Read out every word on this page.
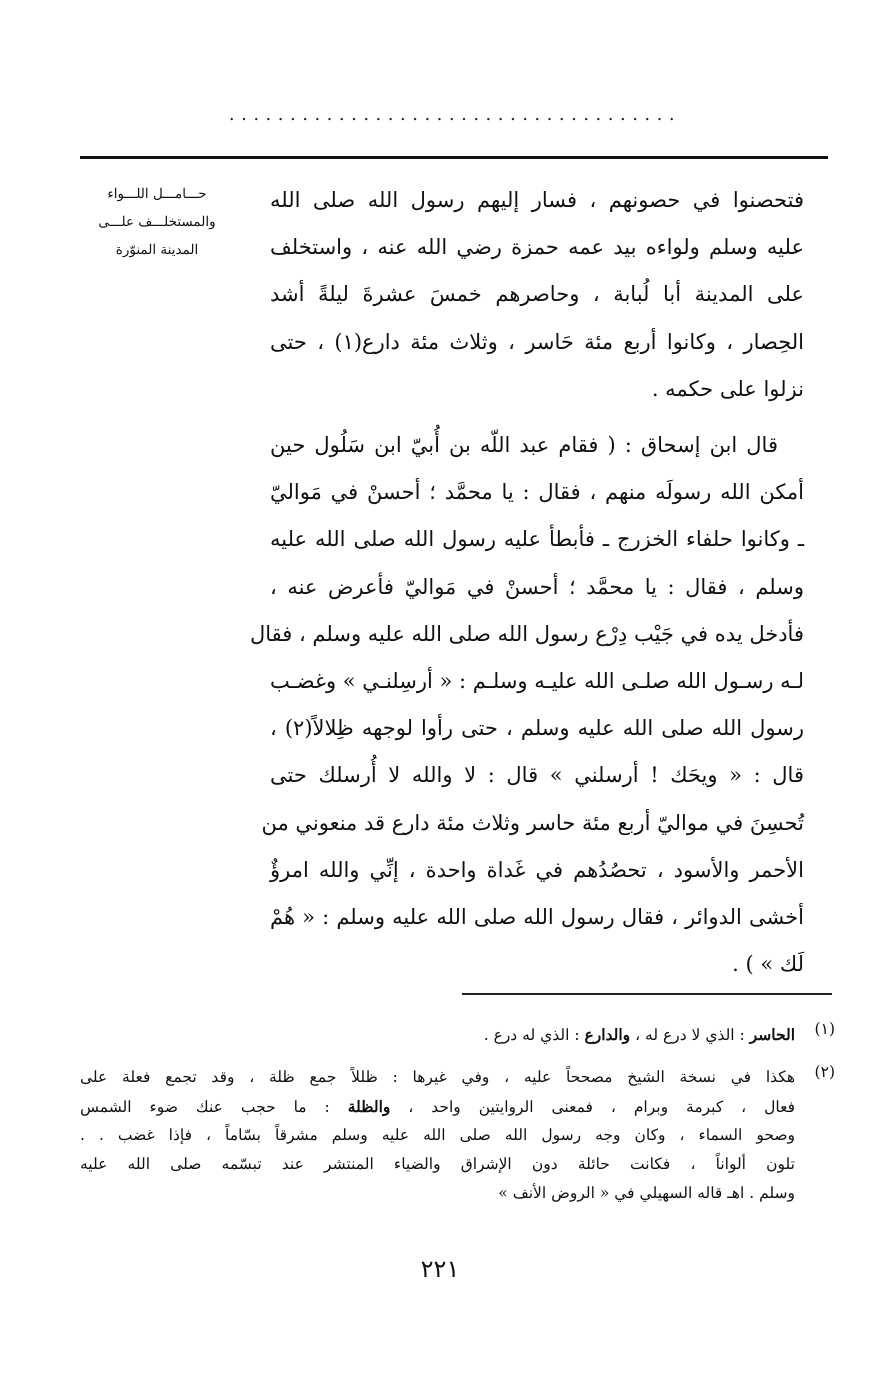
.....................................
حـــامـــل اللـــواء
والمستخلـــف علـــى
المدينة المنوّرة
فتحصنوا في حصونهم ، فسار إليهم رسول الله صلى الله
عليه وسلم ولواءه بيد عمه حمزة رضي الله عنه ، واستخلف
على المدينة أبا لُبابة ، وحاصرهم خمسَ عشرةَ ليلةً أشد
الحِصار ، وكانوا أربع مئة حَاسر ، وثلاث مئة دارع(١) ، حتى
نزلوا على حكمه .
قال ابن إسحاق : ( فقام عبد اللّه بن أُبيّ ابن سَلُول حين
أمكن الله رسولَه منهم ، فقال : يا محمَّد ؛ أحسنْ في مَواليّ
ـ وكانوا حلفاء الخزرج ـ فأبطأ عليه رسول الله صلى الله عليه
وسلم ، فقال : يا محمَّد ؛ أحسنْ في مَواليّ فأعرض عنه ،
فأدخل يده في جَيْب دِرْع رسول الله صلى الله عليه وسلم ، فقال
لـه رسـول الله صلـى الله عليـه وسلـم : « أرسِلنـي » وغضـب
رسول الله صلى الله عليه وسلم ، حتى رأوا لوجهه ظِلالاً(٢) ،
قال : « ويحَك ! أرسلني » قال : لا والله لا أُرسلك حتى
تُحسِنَ في مواليّ أربع مئة حاسر وثلاث مئة دارع قد منعوني من
الأحمر والأسود ، تحصُدُهم في غَداة واحدة ، إنِّي والله امرؤٌ
أخشى الدوائر ، فقال رسول الله صلى الله عليه وسلم : « هُمْ
لَك » ) .
(١)
الحاسر : الذي لا درع له ، والدارع : الذي له درع .
(٢)
هكذا في نسخة الشيخ مصححاً عليه ، وفي غيرها : ظللاً جمع ظلة ، وقد تجمع فعلة على
فعال ، كبرمة وبرام ، فمعنى الروايتين واحد ، والظلة : ما حجب عنك ضوء الشمس
وصحو السماء ، وكان وجه رسول الله صلى الله عليه وسلم مشرقاً بسّاماً ، فإذا غضب . .
تلون ألواناً ، فكانت حائلة دون الإشراق والضياء المنتشر عند تبسّمه صلى الله عليه
وسلم . اهـ قاله السهيلي في « الروض الأنف »
٢٢١
